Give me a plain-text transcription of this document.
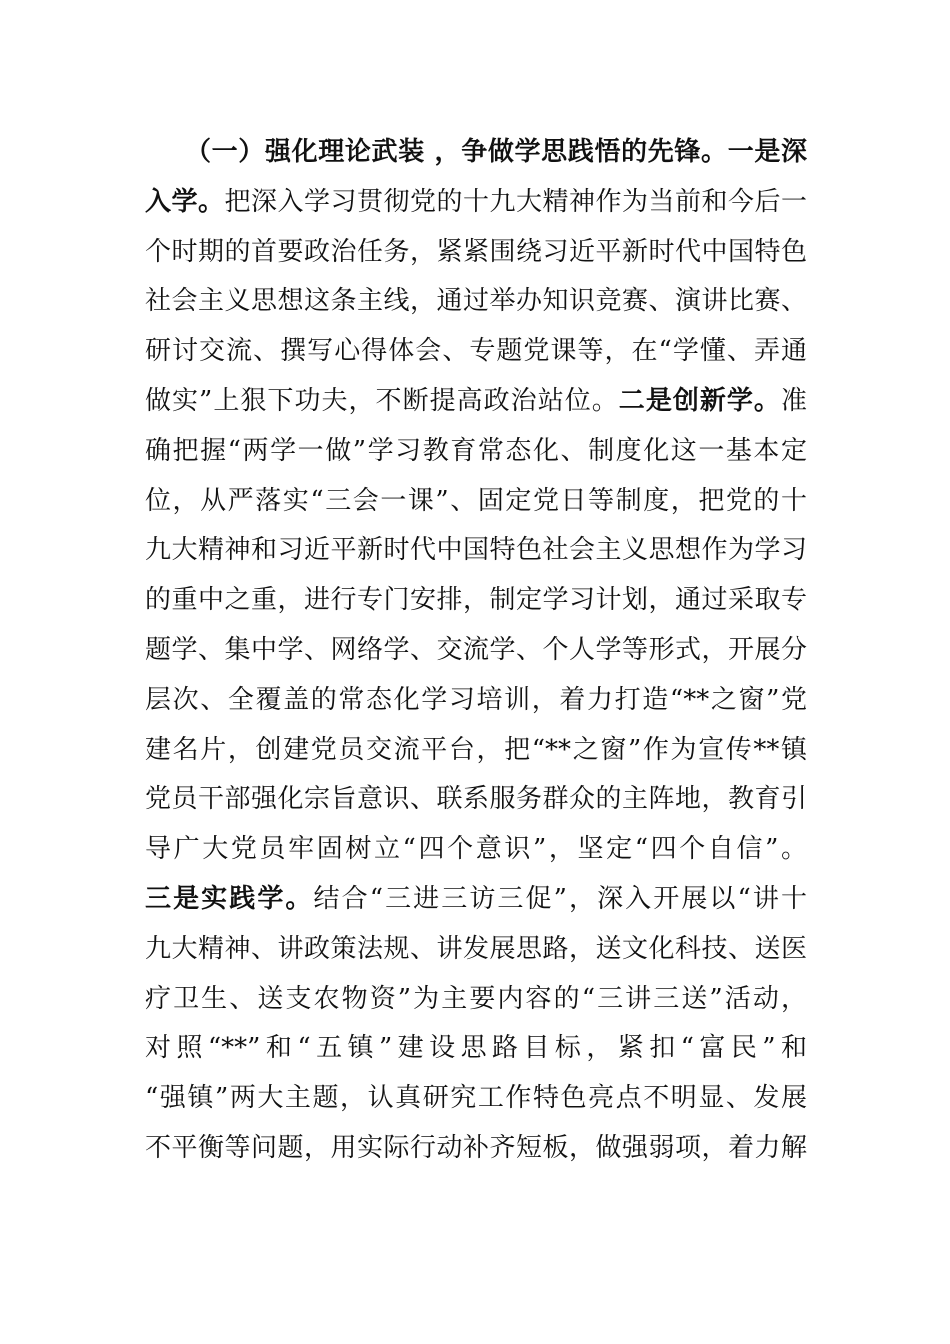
（一）强化理论武装 ，争做学思践悟的先锋。一是深
入学。把深入学习贯彻党的十九大精神作为当前和今后一
个时期的首要政治任务，紧紧围绕习近平新时代中国特色
社会主义思想这条主线，通过举办知识竞赛、演讲比赛、
研讨交流、撰写心得体会、专题党课等，在“学懂、弄通
做实”上狠下功夫，不断提高政治站位。二是创新学。准
确把握“两学一做”学习教育常态化、制度化这一基本定
位，从严落实“三会一课”、固定党日等制度，把党的十
九大精神和习近平新时代中国特色社会主义思想作为学习
的重中之重，进行专门安排，制定学习计划，通过采取专
题学、集中学、网络学、交流学、个人学等形式，开展分
层次、全覆盖的常态化学习培训，着力打造“**之窗”党
建名片，创建党员交流平台，把“**之窗”作为宣传**镇
党员干部强化宗旨意识、联系服务群众的主阵地，教育引
导广大党员牢固树立“四个意识”，坚定“四个自信”。
三是实践学。结合“三进三访三促”，深入开展以“讲十
九大精神、讲政策法规、讲发展思路，送文化科技、送医
疗卫生、送支农物资”为主要内容的“三讲三送”活动，
对照“**”和“五镇”建设思路目标，紧扣“富民”和
“强镇”两大主题，认真研究工作特色亮点不明显、发展
不平衡等问题，用实际行动补齐短板，做强弱项，着力解
